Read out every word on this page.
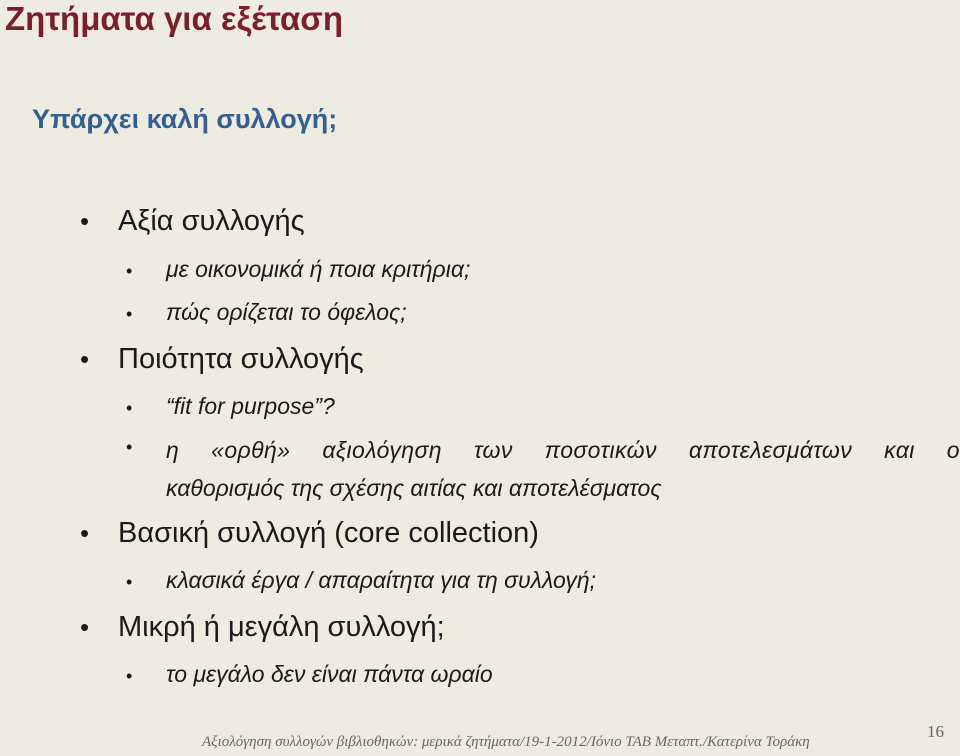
Ζητήματα για εξέταση
Υπάρχει καλή συλλογή;
• Αξία συλλογής
•	με οικονομικά ή ποια κριτήρια;
•	πώς ορίζεται το όφελος;
• Ποιότητα συλλογής
•	“fit for purpose”?
• η «ορθή» αξιολόγηση των ποσοτικών αποτελεσμάτων και ο
καθορισμός της σχέσης αιτίας και αποτελέσματος
• Βασική συλλογή (core collection)
•	κλασικά έργα / απαραίτητα για τη συλλογή;
• Μικρή ή μεγάλη συλλογή;
•	το μεγάλο δεν είναι πάντα ωραίο
Αξιολόγηση συλλογών βιβλιοθηκών: μερικά ζητήματα/19-1-2012/Ιόνιο ΤΑΒ Μεταπτ./Κατερίνα Τοράκη
16
